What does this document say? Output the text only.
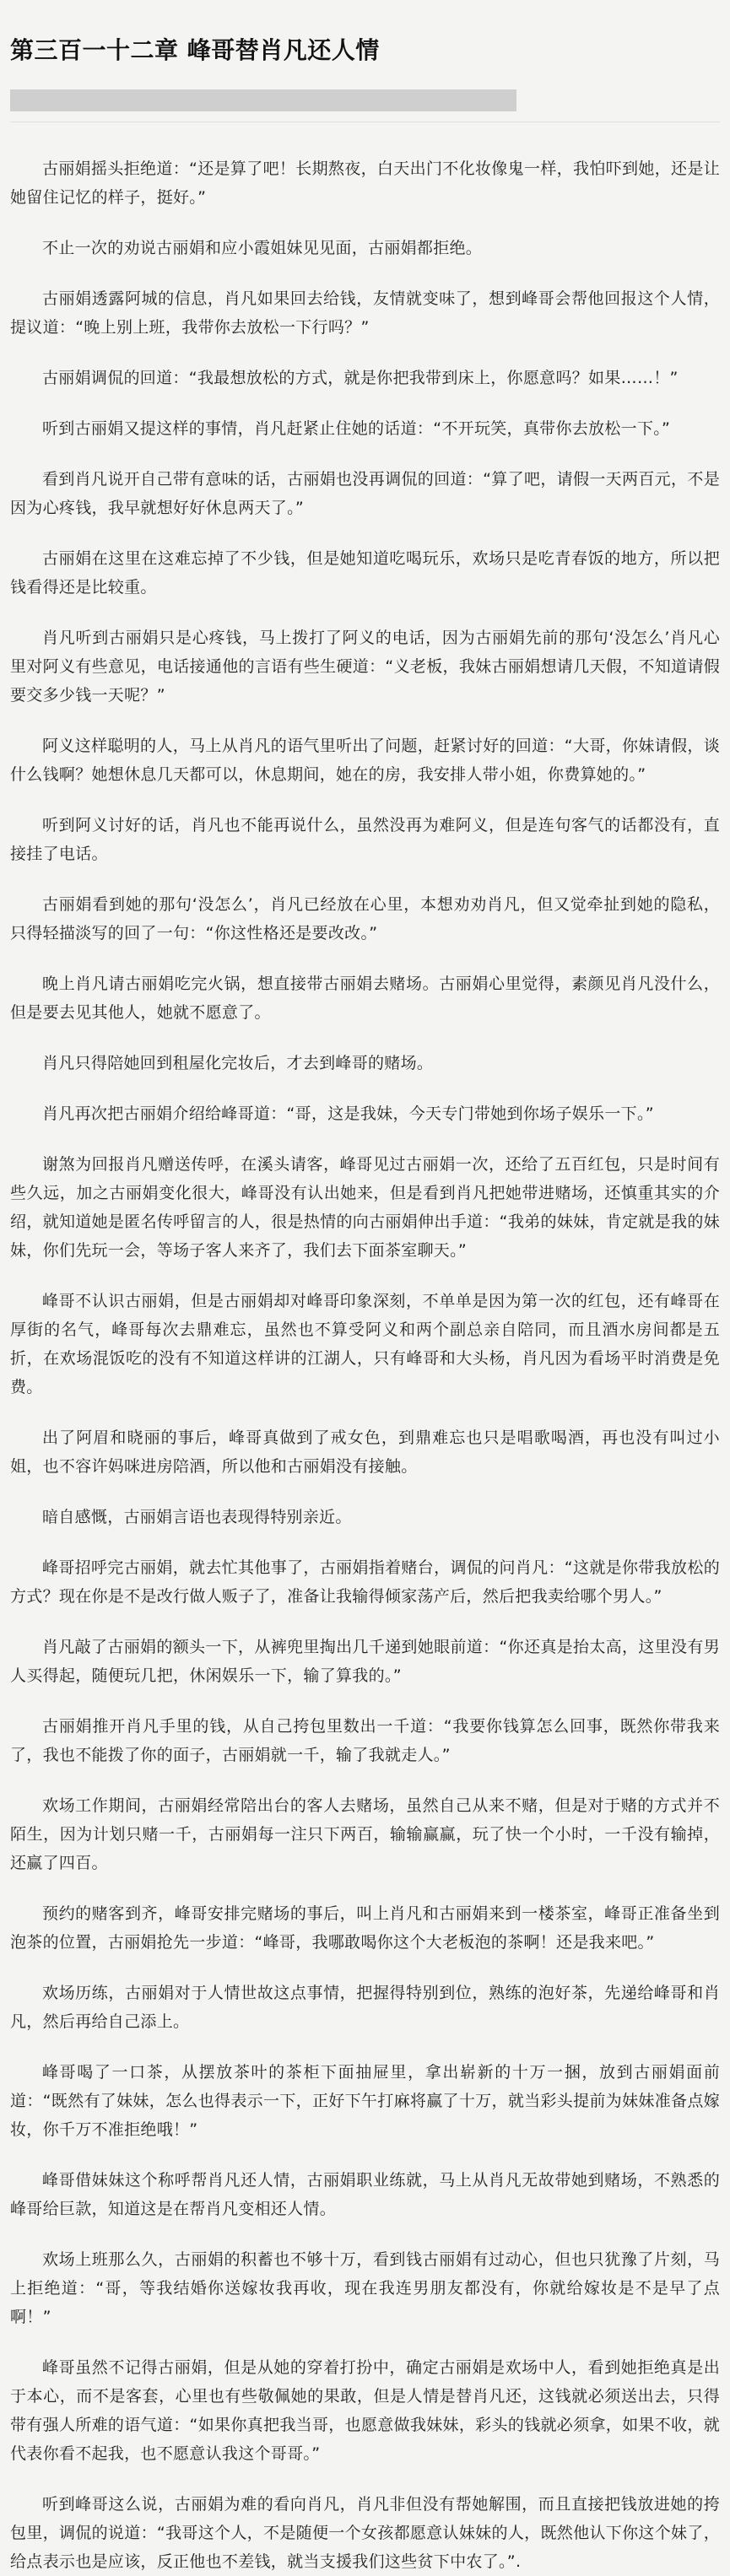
第三百一十二章 峰哥替肖凡还人情

古丽娟摇头拒绝道：“还是算了吧！长期熬夜，白天出门不化妆像鬼一样，我怕吓到她，还是让她留住记忆的样子，挺好。”

不止一次的劝说古丽娟和应小霞姐妹见见面，古丽娟都拒绝。

古丽娟透露阿城的信息，肖凡如果回去给钱，友情就变味了，想到峰哥会帮他回报这个人情，提议道：“晚上别上班，我带你去放松一下行吗？”

古丽娟调侃的回道：“我最想放松的方式，就是你把我带到床上，你愿意吗？如果……！”

听到古丽娟又提这样的事情，肖凡赶紧止住她的话道：“不开玩笑，真带你去放松一下。”

看到肖凡说开自己带有意味的话，古丽娟也没再调侃的回道：“算了吧，请假一天两百元，不是因为心疼钱，我早就想好好休息两天了。”

古丽娟在这里在这难忘掉了不少钱，但是她知道吃喝玩乐，欢场只是吃青春饭的地方，所以把钱看得还是比较重。

肖凡听到古丽娟只是心疼钱，马上拨打了阿义的电话，因为古丽娟先前的那句‘没怎么’肖凡心里对阿义有些意见，电话接通他的言语有些生硬道：“义老板，我妹古丽娟想请几天假，不知道请假要交多少钱一天呢？”

阿义这样聪明的人，马上从肖凡的语气里听出了问题，赶紧讨好的回道：“大哥，你妹请假，谈什么钱啊？她想休息几天都可以，休息期间，她在的房，我安排人带小姐，你费算她的。”

听到阿义讨好的话，肖凡也不能再说什么，虽然没再为难阿义，但是连句客气的话都没有，直接挂了电话。

古丽娟看到她的那句‘没怎么’，肖凡已经放在心里，本想劝劝肖凡，但又觉牵扯到她的隐私，只得轻描淡写的回了一句：“你这性格还是要改改。”

晚上肖凡请古丽娟吃完火锅，想直接带古丽娟去赌场。古丽娟心里觉得，素颜见肖凡没什么，但是要去见其他人，她就不愿意了。

肖凡只得陪她回到租屋化完妆后，才去到峰哥的赌场。

肖凡再次把古丽娟介绍给峰哥道：“哥，这是我妹，今天专门带她到你场子娱乐一下。”

谢煞为回报肖凡赠送传呼，在溪头请客，峰哥见过古丽娟一次，还给了五百红包，只是时间有些久远，加之古丽娟变化很大，峰哥没有认出她来，但是看到肖凡把她带进赌场，还慎重其实的介绍，就知道她是匿名传呼留言的人，很是热情的向古丽娟伸出手道：“我弟的妹妹，肯定就是我的妹妹，你们先玩一会，等场子客人来齐了，我们去下面茶室聊天。”

峰哥不认识古丽娟，但是古丽娟却对峰哥印象深刻，不单单是因为第一次的红包，还有峰哥在厚街的名气，峰哥每次去鼎难忘，虽然也不算受阿义和两个副总亲自陪同，而且酒水房间都是五折，在欢场混饭吃的没有不知道这样讲的江湖人，只有峰哥和大头杨，肖凡因为看场平时消费是免费。

出了阿眉和晓丽的事后，峰哥真做到了戒女色，到鼎难忘也只是唱歌喝酒，再也没有叫过小姐，也不容许妈咪进房陪酒，所以他和古丽娟没有接触。

暗自感慨，古丽娟言语也表现得特别亲近。

峰哥招呼完古丽娟，就去忙其他事了，古丽娟指着赌台，调侃的问肖凡：“这就是你带我放松的方式？现在你是不是改行做人贩子了，准备让我输得倾家荡产后，然后把我卖给哪个男人。”

肖凡敲了古丽娟的额头一下，从裤兜里掏出几千递到她眼前道：“你还真是抬太高，这里没有男人买得起，随便玩几把，休闲娱乐一下，输了算我的。”

古丽娟推开肖凡手里的钱，从自己挎包里数出一千道：“我要你钱算怎么回事，既然你带我来了，我也不能拨了你的面子，古丽娟就一千，输了我就走人。”

欢场工作期间，古丽娟经常陪出台的客人去赌场，虽然自己从来不赌，但是对于赌的方式并不陌生，因为计划只赌一千，古丽娟每一注只下两百，输输赢赢，玩了快一个小时，一千没有输掉，还赢了四百。

预约的赌客到齐，峰哥安排完赌场的事后，叫上肖凡和古丽娟来到一楼茶室，峰哥正准备坐到泡茶的位置，古丽娟抢先一步道：“峰哥，我哪敢喝你这个大老板泡的茶啊！还是我来吧。”

欢场历练，古丽娟对于人情世故这点事情，把握得特别到位，熟练的泡好茶，先递给峰哥和肖凡，然后再给自己添上。

峰哥喝了一口茶，从摆放茶叶的茶柜下面抽屉里，拿出崭新的十万一捆，放到古丽娟面前道：“既然有了妹妹，怎么也得表示一下，正好下午打麻将赢了十万，就当彩头提前为妹妹准备点嫁妆，你千万不准拒绝哦！”

峰哥借妹妹这个称呼帮肖凡还人情，古丽娟职业练就，马上从肖凡无故带她到赌场，不熟悉的峰哥给巨款，知道这是在帮肖凡变相还人情。

欢场上班那么久，古丽娟的积蓄也不够十万，看到钱古丽娟有过动心，但也只犹豫了片刻，马上拒绝道：“哥，等我结婚你送嫁妆我再收，现在我连男朋友都没有，你就给嫁妆是不是早了点啊！”

峰哥虽然不记得古丽娟，但是从她的穿着打扮中，确定古丽娟是欢场中人，看到她拒绝真是出于本心，而不是客套，心里也有些敬佩她的果敢，但是人情是替肖凡还，这钱就必须送出去，只得带有强人所难的语气道：“如果你真把我当哥，也愿意做我妹妹，彩头的钱就必须拿，如果不收，就代表你看不起我，也不愿意认我这个哥哥。”

听到峰哥这么说，古丽娟为难的看向肖凡，肖凡非但没有帮她解围，而且直接把钱放进她的挎包里，调侃的说道：“我哥这个人，不是随便一个女孩都愿意认妹妹的人，既然他认下你这个妹了，给点表示也是应该，反正他也不差钱，就当支援我们这些贫下中农了。”.
